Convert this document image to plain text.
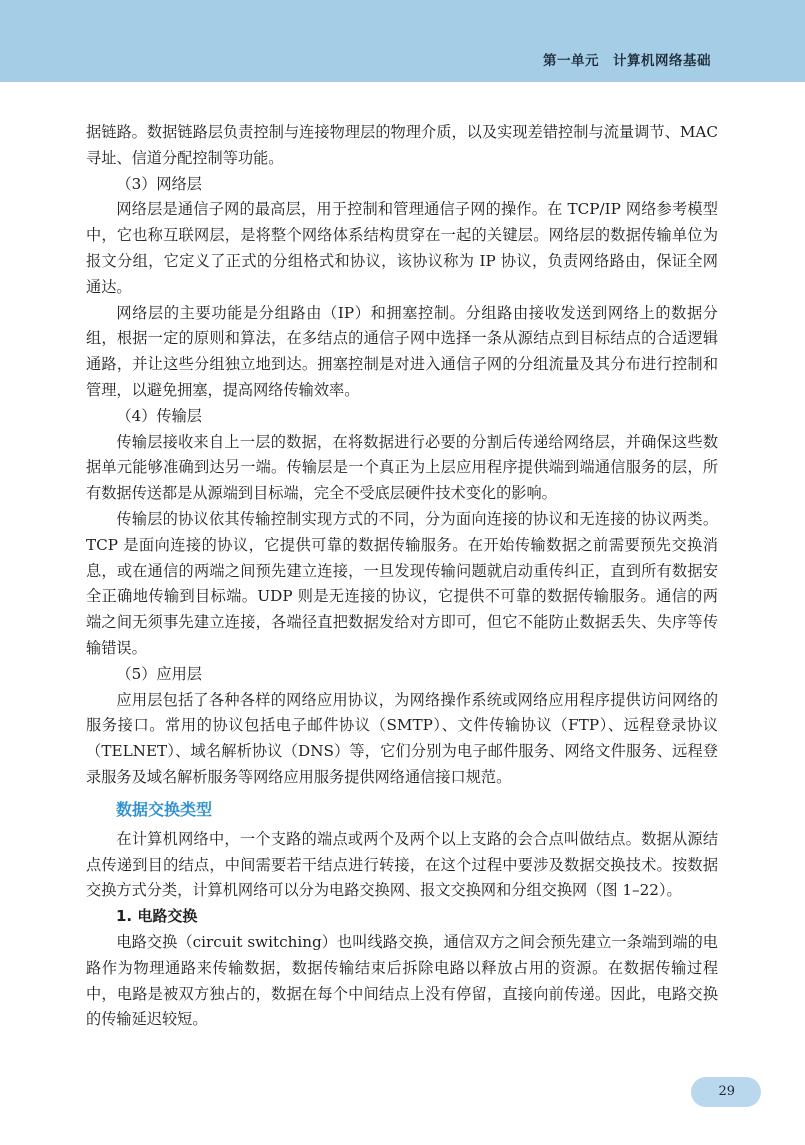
第一单元　计算机网络基础

据链路。数据链路层负责控制与连接物理层的物理介质，以及实现差错控制与流量调节、MAC 寻址、信道分配控制等功能。

（3）网络层

网络层是通信子网的最高层，用于控制和管理通信子网的操作。在 TCP/IP 网络参考模型中，它也称互联网层，是将整个网络体系结构贯穿在一起的关键层。网络层的数据传输单位为报文分组，它定义了正式的分组格式和协议，该协议称为 IP 协议，负责网络路由，保证全网通达。

网络层的主要功能是分组路由（IP）和拥塞控制。分组路由接收发送到网络上的数据分组，根据一定的原则和算法，在多结点的通信子网中选择一条从源结点到目标结点的合适逻辑通路，并让这些分组独立地到达。拥塞控制是对进入通信子网的分组流量及其分布进行控制和管理，以避免拥塞，提高网络传输效率。

（4）传输层

传输层接收来自上一层的数据，在将数据进行必要的分割后传递给网络层，并确保这些数据单元能够准确到达另一端。传输层是一个真正为上层应用程序提供端到端通信服务的层，所有数据传送都是从源端到目标端，完全不受底层硬件技术变化的影响。

传输层的协议依其传输控制实现方式的不同，分为面向连接的协议和无连接的协议两类。TCP 是面向连接的协议，它提供可靠的数据传输服务。在开始传输数据之前需要预先交换消息，或在通信的两端之间预先建立连接，一旦发现传输问题就启动重传纠正，直到所有数据安全正确地传输到目标端。UDP 则是无连接的协议，它提供不可靠的数据传输服务。通信的两端之间无须事先建立连接，各端径直把数据发给对方即可，但它不能防止数据丢失、失序等传输错误。

（5）应用层

应用层包括了各种各样的网络应用协议，为网络操作系统或网络应用程序提供访问网络的服务接口。常用的协议包括电子邮件协议（SMTP）、文件传输协议（FTP）、远程登录协议（TELNET）、域名解析协议（DNS）等，它们分别为电子邮件服务、网络文件服务、远程登录服务及域名解析服务等网络应用服务提供网络通信接口规范。

数据交换类型

在计算机网络中，一个支路的端点或两个及两个以上支路的会合点叫做结点。数据从源结点传递到目的结点，中间需要若干结点进行转接，在这个过程中要涉及数据交换技术。按数据交换方式分类，计算机网络可以分为电路交换网、报文交换网和分组交换网（图 1–22）。

1. 电路交换

电路交换（circuit switching）也叫线路交换，通信双方之间会预先建立一条端到端的电路作为物理通路来传输数据，数据传输结束后拆除电路以释放占用的资源。在数据传输过程中，电路是被双方独占的，数据在每个中间结点上没有停留，直接向前传递。因此，电路交换的传输延迟较短。

29
